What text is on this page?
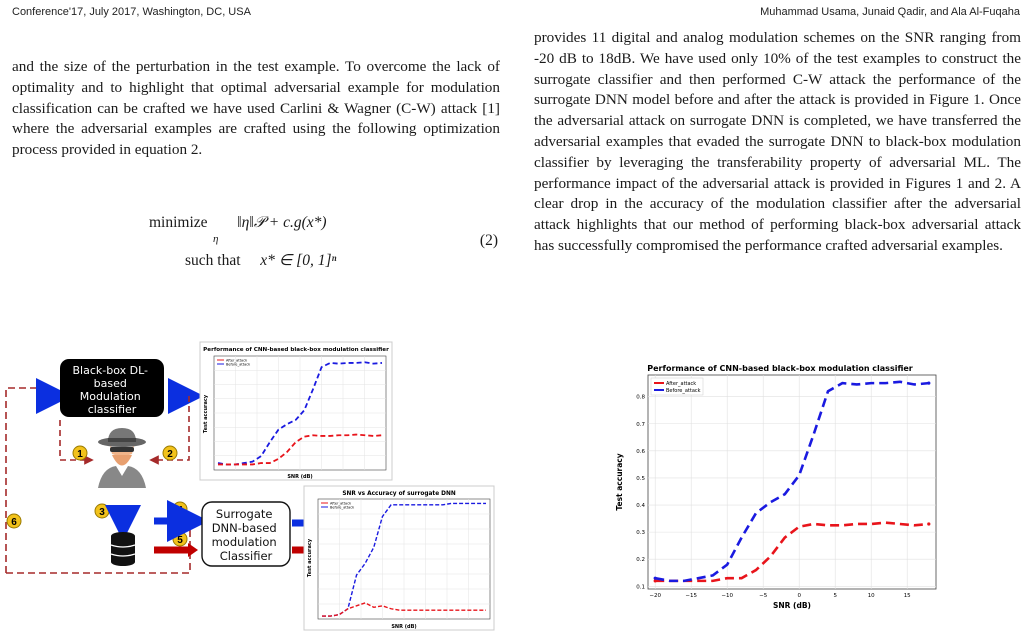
Conference'17, July 2017, Washington, DC, USA	Muhammad Usama, Junaid Qadir, and Ala Al-Fuqaha

and the size of the perturbation in the test example. To overcome the lack of optimality and to highlight that optimal adversarial example for modulation classification can be crafted we have used Carlini & Wagner (C-W) attack [1] where the adversarial examples are crafted using the following optimization process provided in equation 2.

minimize ‖η‖𝒫 + c.g(x*)
η
such that x* ∈ [0, 1]ⁿ
(2)

provides 11 digital and analog modulation schemes on the SNR ranging from -20 dB to 18dB. We have used only 10% of the test examples to construct the surrogate classifier and then performed C-W attack the performance of the surrogate DNN model before and after the attack is provided in Figure 1. Once the adversarial attack on surrogate DNN is completed, we have transferred the adversarial examples that evaded the surrogate DNN to black-box modulation classifier by leveraging the transferability property of adversarial ML. The performance impact of the adversarial attack is provided in Figures 1 and 2. A clear drop in the accuracy of the modulation classifier after the adversarial attack highlights that our method of performing black-box adversarial attack has successfully compromised the performance crafted adversarial examples.

Black-box DL- based Modulation classifier
1	2
3	4
5
6
Surrogate DNN-based modulation Classifier
Performance of CNN-based black-box modulation classifier
After_attack
Before_attack
SNR (dB)
Test accuracy
SNR vs Accuracy of surrogate DNN
After_attack
Before_attack
SNR (dB)
Test accuracy
Performance of CNN-based black-box modulation classifier
−20	−15	−10	−5	0	5	10	15
0.1
0.2
0.3
0.4
0.5
0.6
0.7
0.8
After_attack
Before_attack
SNR (dB)
Test accuracy
